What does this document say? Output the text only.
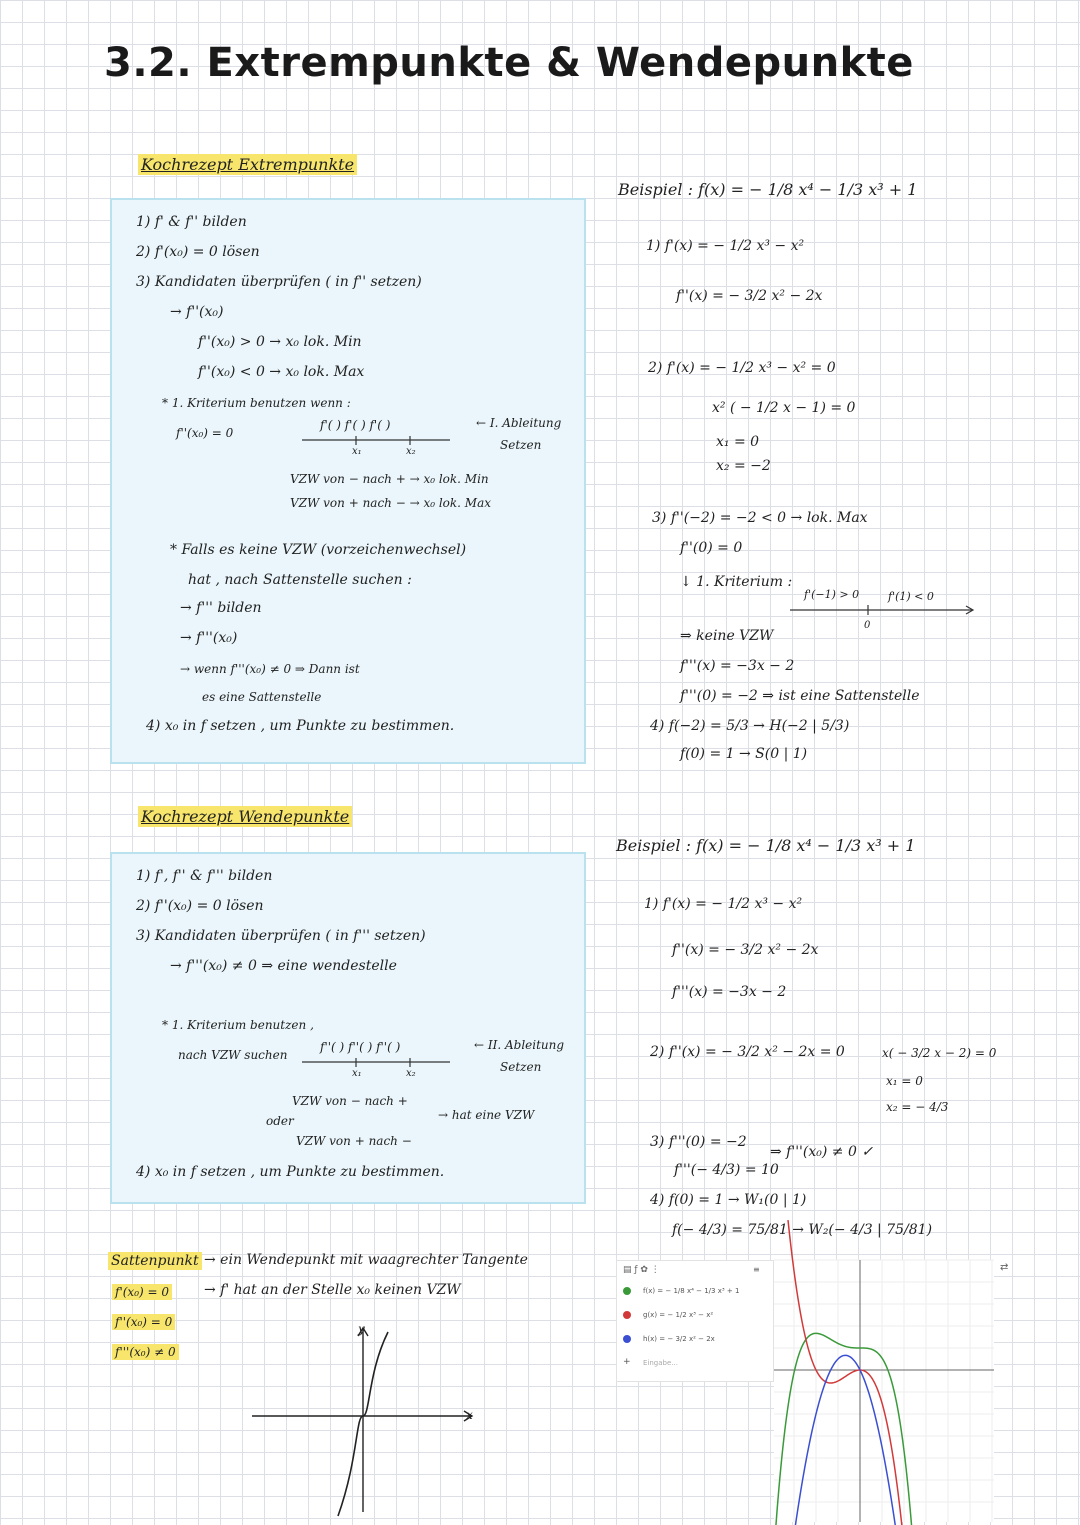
3.2. Extrempunkte & Wendepunkte
Kochrezept Extrempunkte
1) f' & f'' bilden
2) f'(x₀) = 0 lösen
3) Kandidaten überprüfen ( in f'' setzen)
→ f''(x₀)
f''(x₀) > 0 → x₀ lok. Min
f''(x₀) < 0 → x₀ lok. Max
* 1. Kriterium benutzen wenn :
f''(x₀) = 0
f'( ) f'( ) f'( )
x₁	x₂
← I. Ableitung
Setzen
VZW von − nach + → x₀ lok. Min
VZW von + nach − → x₀ lok. Max
* Falls es keine VZW (vorzeichenwechsel)
hat , nach Sattenstelle suchen :
→ f''' bilden
→ f'''(x₀)
→ wenn f'''(x₀) ≠ 0 ⇒ Dann ist
es eine Sattenstelle
4) x₀ in f setzen , um Punkte zu bestimmen.
Kochrezept Wendepunkte
1) f', f'' & f''' bilden
2) f''(x₀) = 0 lösen
3) Kandidaten überprüfen ( in f''' setzen)
→ f'''(x₀) ≠ 0 ⇒ eine wendestelle
* 1. Kriterium benutzen ,
nach VZW suchen
f''( ) f''( ) f''( )
x₁	x₂
← II. Ableitung
Setzen
VZW von − nach +
oder
VZW von + nach −
→ hat eine VZW
4) x₀ in f setzen , um Punkte zu bestimmen.
Sattenpunkt
f'(x₀) = 0
f''(x₀) = 0
f'''(x₀) ≠ 0
→ ein Wendepunkt mit waagrechter Tangente
→ f' hat an der Stelle x₀ keinen VZW
x
y
Beispiel : f(x) = − 1/8 x⁴ − 1/3 x³ + 1
1) f'(x) = − 1/2 x³ − x²
f''(x) = − 3/2 x² − 2x
2) f'(x) = − 1/2 x³ − x² = 0
x² ( − 1/2 x − 1) = 0
x₁ = 0
x₂ = −2
3) f''(−2) = −2 < 0 → lok. Max
f''(0) = 0
↓ 1. Kriterium :
f'(−1) > 0	f'(1) < 0
0
⇒ keine VZW
f'''(x) = −3x − 2
f'''(0) = −2 ⇒ ist eine Sattenstelle
4) f(−2) = 5/3 → H(−2 | 5/3)
f(0) = 1 → S(0 | 1)
Beispiel : f(x) = − 1/8 x⁴ − 1/3 x³ + 1
1) f'(x) = − 1/2 x³ − x²
f''(x) = − 3/2 x² − 2x
f'''(x) = −3x − 2
2) f''(x) = − 3/2 x² − 2x = 0	x( − 3/2 x − 2) = 0
x₁ = 0
x₂ = − 4/3
3) f'''(0) = −2
f'''(− 4/3) = 10
⇒ f'''(x₀) ≠ 0 ✓
4) f(0) = 1 → W₁(0 | 1)
f(− 4/3) = 75/81 → W₂(− 4/3 | 75/81)
▤ ƒ ✿ ⋮	≡
f(x) = − 1/8 x⁴ − 1/3 x³ + 1
g(x) = − 1/2 x³ − x²
h(x) = − 3/2 x² − 2x
+ Eingabe...
⇄
